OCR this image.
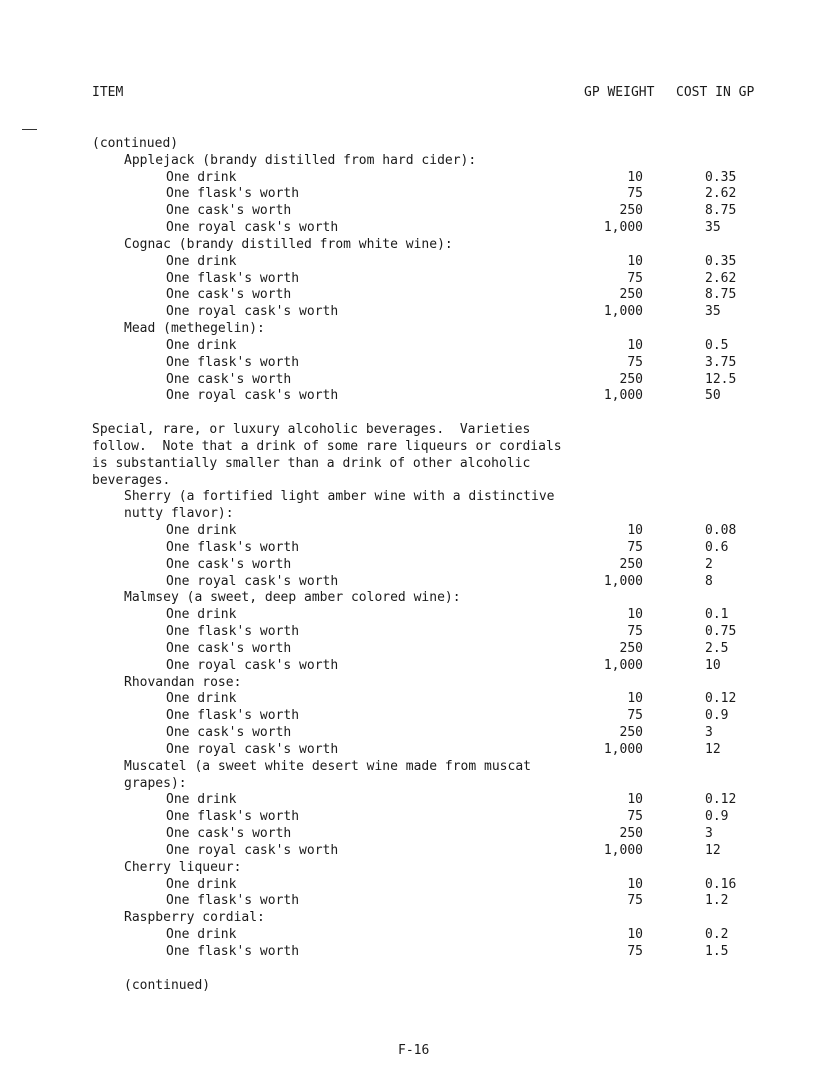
ITEM	GP WEIGHT COST IN GP
(continued)
Applejack (brandy distilled from hard cider):
One drink	10	0.35
One flask's worth	75	2.62
One cask's worth	250	8.75
One royal cask's worth	1,000	35
Cognac (brandy distilled from white wine):
One drink	10	0.35
One flask's worth	75	2.62
One cask's worth	250	8.75
One royal cask's worth	1,000	35
Mead (methegelin):
One drink	10	0.5
One flask's worth	75	3.75
One cask's worth	250	12.5
One royal cask's worth	1,000	50
Special, rare, or luxury alcoholic beverages.  Varieties
follow.  Note that a drink of some rare liqueurs or cordials
is substantially smaller than a drink of other alcoholic
beverages.
Sherry (a fortified light amber wine with a distinctive
nutty flavor):
One drink	10	0.08
One flask's worth	75	0.6
One cask's worth	250	2
One royal cask's worth	1,000	8
Malmsey (a sweet, deep amber colored wine):
One drink	10	0.1
One flask's worth	75	0.75
One cask's worth	250	2.5
One royal cask's worth	1,000	10
Rhovandan rose:
One drink	10	0.12
One flask's worth	75	0.9
One cask's worth	250	3
One royal cask's worth	1,000	12
Muscatel (a sweet white desert wine made from muscat
grapes):
One drink	10	0.12
One flask's worth	75	0.9
One cask's worth	250	3
One royal cask's worth	1,000	12
Cherry liqueur:
One drink	10	0.16
One flask's worth	75	1.2
Raspberry cordial:
One drink	10	0.2
One flask's worth	75	1.5
(continued)
F-16
